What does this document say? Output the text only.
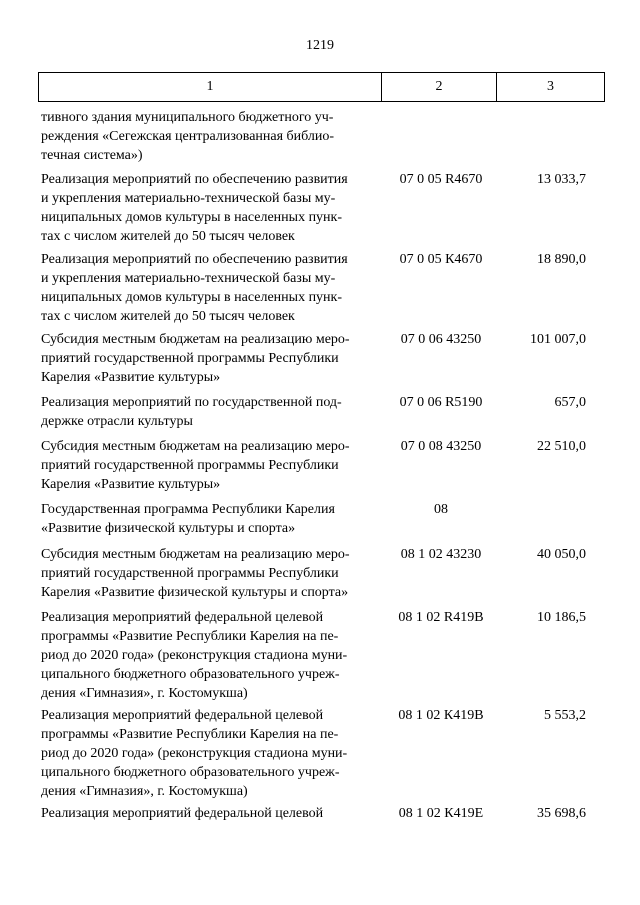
1219
1	2	3
тивного здания муниципального бюджетного уч-
реждения «Сегежская централизованная библио-
течная система»)
Реализация мероприятий по обеспечению развития
и укрепления материально-технической базы му-
ниципальных домов культуры в населенных пунк-
тах с числом жителей до 50 тысяч человек
07 0 05 R4670	13 033,7
Реализация мероприятий по обеспечению развития
и укрепления материально-технической базы му-
ниципальных домов культуры в населенных пунк-
тах с числом жителей до 50 тысяч человек
07 0 05 К4670	18 890,0
Субсидия местным бюджетам на реализацию меро-
приятий государственной программы Республики
Карелия «Развитие культуры»
07 0 06 43250	101 007,0
Реализация мероприятий по государственной под-
держке отрасли культуры
07 0 06 R5190	657,0
Субсидия местным бюджетам на реализацию меро-
приятий государственной программы Республики
Карелия «Развитие культуры»
07 0 08 43250	22 510,0
Государственная программа Республики Карелия
«Развитие физической культуры и спорта»
08
Субсидия местным бюджетам на реализацию меро-
приятий государственной программы Республики
Карелия «Развитие физической культуры и спорта»
08 1 02 43230	40 050,0
Реализация мероприятий федеральной целевой
программы «Развитие Республики Карелия на пе-
риод до 2020 года» (реконструкция стадиона муни-
ципального бюджетного образовательного учреж-
дения «Гимназия», г. Костомукша)
08 1 02 R419B	10 186,5
Реализация мероприятий федеральной целевой
программы «Развитие Республики Карелия на пе-
риод до 2020 года» (реконструкция стадиона муни-
ципального бюджетного образовательного учреж-
дения «Гимназия», г. Костомукша)
08 1 02 К419В	5 553,2
Реализация мероприятий федеральной целевой	08 1 02 К419Е	35 698,6
